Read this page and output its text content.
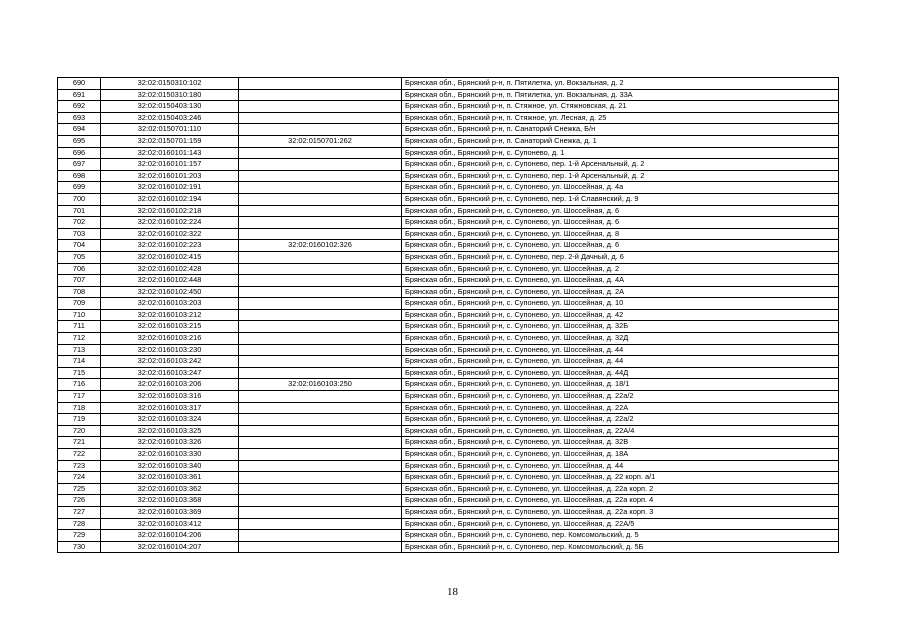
690	32:02:0150310:102		Брянская обл., Брянский р-н, п. Пятилетка, ул. Вокзальная, д. 2
691	32:02:0150310:180		Брянская обл., Брянский р-н, п. Пятилетка, ул. Вокзальная, д. 33А
692	32:02:0150403:130		Брянская обл., Брянский р-н, п. Стяжное, ул. Стяжновская, д. 21
693	32:02:0150403:246		Брянская обл., Брянский р-н, п. Стяжное, ул. Лесная, д. 25
694	32:02:0150701:110		Брянская обл., Брянский р-н, п. Санаторий Снежка, Б/н
695	32:02:0150701:159	32:02:0150701:262	Брянская обл., Брянский р-н, п. Санаторий Снежка, д. 1
696	32:02:0160101:143		Брянская обл., Брянский р-н, с. Супонево, д. 1
697	32:02:0160101:157		Брянская обл., Брянский р-н, с. Супонево, пер. 1-й Арсенальный, д. 2
698	32:02:0160101:203		Брянская обл., Брянский р-н, с. Супонево, пер. 1-й Арсенальный, д. 2
699	32:02:0160102:191		Брянская обл., Брянский р-н, с. Супонево, ул. Шоссейная, д. 4а
700	32:02:0160102:194		Брянская обл., Брянский р-н, с. Супонево, пер. 1-й Славянский, д. 9
701	32:02:0160102:218		Брянская обл., Брянский р-н, с. Супонево, ул. Шоссейная, д. 6
702	32:02:0160102:224		Брянская обл., Брянский р-н, с. Супонево, ул. Шоссейная, д. 6
703	32:02:0160102:322		Брянская обл., Брянский р-н, с. Супонево, ул. Шоссейная, д. 8
704	32:02:0160102:223	32:02:0160102:326	Брянская обл., Брянский р-н, с. Супонево, ул. Шоссейная, д. 6
705	32:02:0160102:415		Брянская обл., Брянский р-н, с. Супонево, пер. 2-й Дачный, д. 6
706	32:02:0160102:428		Брянская обл., Брянский р-н, с. Супонево, ул. Шоссейная, д. 2
707	32:02:0160102:448		Брянская обл., Брянский р-н, с. Супонево, ул. Шоссейная, д. 4А
708	32:02:0160102:450		Брянская обл., Брянский р-н, с. Супонево, ул. Шоссейная, д. 2А
709	32:02:0160103:203		Брянская обл., Брянский р-н, с. Супонево, ул. Шоссейная, д. 10
710	32:02:0160103:212		Брянская обл., Брянский р-н, с. Супонево, ул. Шоссейная, д. 42
711	32:02:0160103:215		Брянская обл., Брянский р-н, с. Супонево, ул. Шоссейная, д. 32Б
712	32:02:0160103:216		Брянская обл., Брянский р-н, с. Супонево, ул. Шоссейная, д. 32Д
713	32:02:0160103:230		Брянская обл., Брянский р-н, с. Супонево, ул. Шоссейная, д. 44
714	32:02:0160103:242		Брянская обл., Брянский р-н, с. Супонево, ул. Шоссейная, д. 44
715	32:02:0160103:247		Брянская обл., Брянский р-н, с. Супонево, ул. Шоссейная, д. 44Д
716	32:02:0160103:206	32:02:0160103:250	Брянская обл., Брянский р-н, с. Супонево, ул. Шоссейная, д. 18/1
717	32:02:0160103:316		Брянская обл., Брянский р-н, с. Супонево, ул. Шоссейная, д. 22а/2
718	32:02:0160103:317		Брянская обл., Брянский р-н, с. Супонево, ул. Шоссейная, д. 22А
719	32:02:0160103:324		Брянская обл., Брянский р-н, с. Супонево, ул. Шоссейная, д. 22а/2
720	32:02:0160103:325		Брянская обл., Брянский р-н, с. Супонево, ул. Шоссейная, д. 22А/4
721	32:02:0160103:326		Брянская обл., Брянский р-н, с. Супонево, ул. Шоссейная, д. 32В
722	32:02:0160103:330		Брянская обл., Брянский р-н, с. Супонево, ул. Шоссейная, д. 18А
723	32:02:0160103:340		Брянская обл., Брянский р-н, с. Супонево, ул. Шоссейная, д. 44
724	32:02:0160103:361		Брянская обл., Брянский р-н, с. Супонево, ул. Шоссейная, д. 22 корп. а/1
725	32:02:0160103:362		Брянская обл., Брянский р-н, с. Супонево, ул. Шоссейная, д. 22а корп. 2
726	32:02:0160103:368		Брянская обл., Брянский р-н, с. Супонево, ул. Шоссейная, д. 22а корп. 4
727	32:02:0160103:369		Брянская обл., Брянский р-н, с. Супонево, ул. Шоссейная, д. 22а корп. 3
728	32:02:0160103:412		Брянская обл., Брянский р-н, с. Супонево, ул. Шоссейная, д. 22А/5
729	32:02:0160104:206		Брянская обл., Брянский р-н, с. Супонево, пер. Комсомольский, д. 5
730	32:02:0160104:207		Брянская обл., Брянский р-н, с. Супонево, пер. Комсомольский, д. 5Б
18
